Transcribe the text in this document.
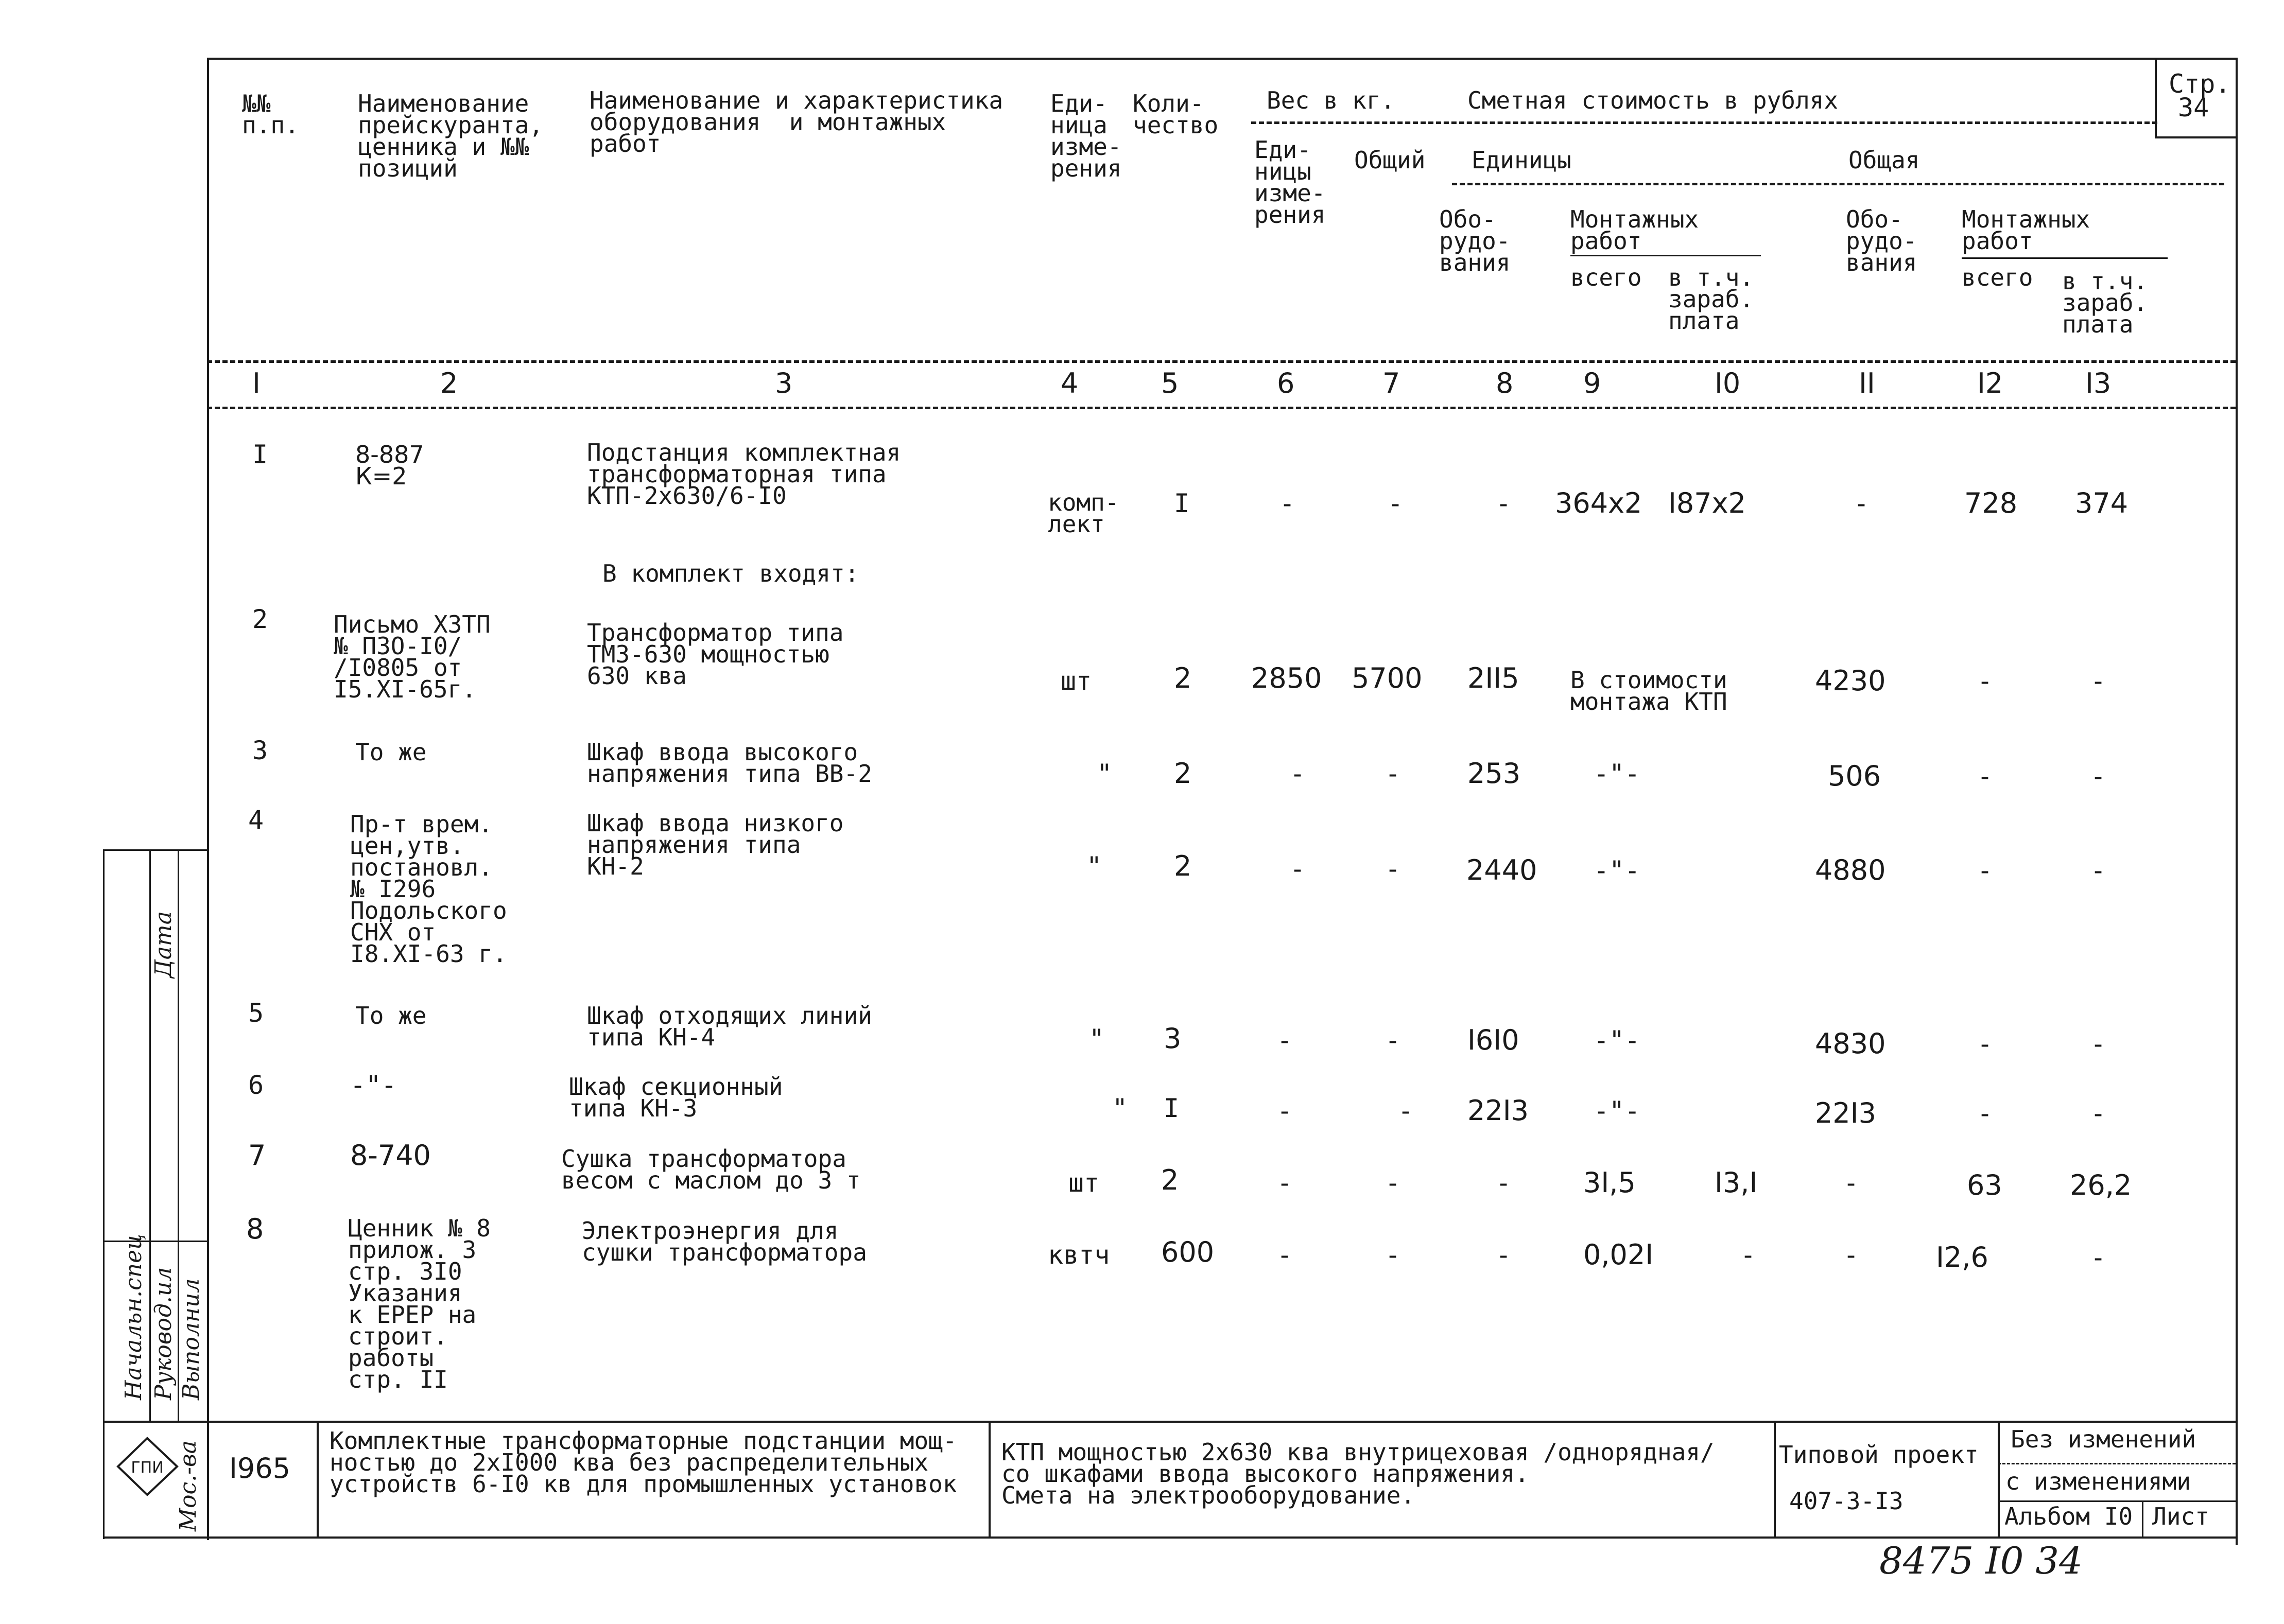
Стр.
34
№№
п.п.
Наименование
прейскуранта,
ценника и №№
позиций
Наименование и характеристика
оборудования  и монтажных
работ
Еди-
ница
изме-
рения
Коли-
чество
Вес в кг.	Сметная стоимость в рублях
Еди-
ницы
изме-
рения
Общий Единицы	Общая
Обо-
рудо-
вания
Монтажных
работ
Обо-
рудо-
вания
Монтажных
работ
всего в т.ч.
зараб.
плата
всего в т.ч.
зараб.
плата
I	2	3	4	5	6	7	8	9	I0	II	I2	I3
I	8-887
К=2
Подстанция комплектная
трансформаторная типа
КТП-2х630/6-I0	комп-
лект
I	-	-	- 364х2 I87х2	-	728 374
В комплект входят:
2	Письмо ХЗТП
№ ПЗО-I0/
/I0805 от
I5.XI-65г.
Трансформатор типа
ТМЗ-630 мощностью
630 ква	шт	2 2850 5700 2II5 В стоимости
монтажа КТП
4230	-	-
3	То же	Шкаф ввода высокого
напряжения типа ВВ-2	" 2	-	- 253	-"-	506	-	-
4	Пр-т врем.
цен,утв.
постановл.
№ I296
Подольского
СНХ от
I8.XI-63 г.
Шкаф ввода низкого
напряжения типа
КН-2	"	2	-	- 2440 -"-	4880	-	-
5	То же	Шкаф отходящих линий
типа КН-4	" 3	-	- I6I0	-"-	4830	-	-
6	-"-	Шкаф секционный
типа КН-3	" I	-	- 22I3	-"-	22I3	-	-
7	8-740	Сушка трансформатора
весом с маслом до 3 т	шт 2	-	-	-	3I,5	I3,I	-	63 26,2
8	Ценник № 8
прилож. 3
стр. 3I0
Указания
к ЕРЕР на
строит.
работы
стр. II
Электроэнергия для
сушки трансформатора	квтч 600 -	-	-	0,02I	-	-	I2,6	-
Начальн.спец Руковод.ил Выполнил
Дата

ГПИ Мос.-ва I965
Комплектные трансформаторные подстанции мощ-
ностью до 2хI000 ква без распределительных
устройств 6-I0 кв для промышленных установок
КТП мощностью 2х630 ква внутрицеховая /однорядная/
со шкафами ввода высокого напряжения.
Смета на электрооборудование.
Типовой проект
407-3-I3
Без изменений
с изменениями
Альбом I0 Лист
8475 I0 34
